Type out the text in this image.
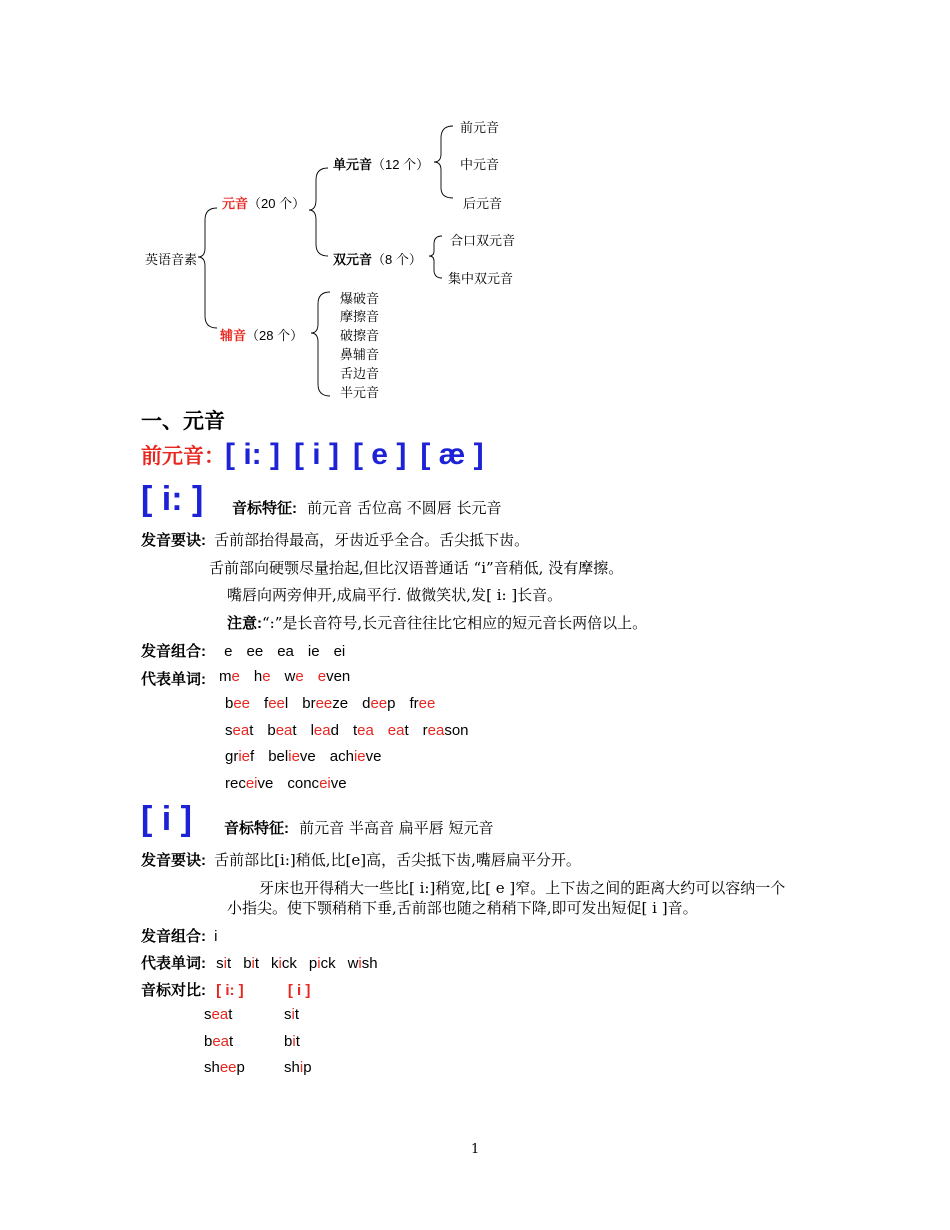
英语音素
元音（20 个）
辅音（28 个）
单元音（12 个）
双元音（8 个）
前元音
中元音
后元音
合口双元音
集中双元音
爆破音
摩擦音
破擦音
鼻辅音
舌边音
半元音
一、元音
前元音：[ i: ] [ i ] [ e ] [ æ ]
[ i: ] 音标特征: 前元音 舌位高 不圆唇 长元音
发音要诀: 舌前部抬得最高，牙齿近乎全合。舌尖抵下齿。
舌前部向硬颚尽量抬起,但比汉语普通话 “i”音稍低, 没有摩擦。
嘴唇向两旁伸开,成扁平行. 做微笑状,发[ i: ]长音。
注意:“:”是长音符号,长元音往往比它相应的短元音长两倍以上。
发音组合: e ee ea ie ei
代表单词: me he we even
bee feel breeze deep free
seat beat lead tea eat reason
grief believe achieve
receive conceive
[ i ] 音标特征: 前元音 半高音 扁平唇 短元音
发音要诀: 舌前部比[i:]稍低,比[e]高，舌尖抵下齿,嘴唇扁平分开。
牙床也开得稍大一些比[ i:]稍宽,比[ e ]窄。上下齿之间的距离大约可以容纳一个
小指尖。使下颚稍稍下垂,舌前部也随之稍稍下降,即可发出短促[ i ]音。
发音组合: i
代表单词: sit bit kick pick wish
音标对比: [ i: ]	[ i ]
seat	sit
beat	bit
sheep	ship
1
